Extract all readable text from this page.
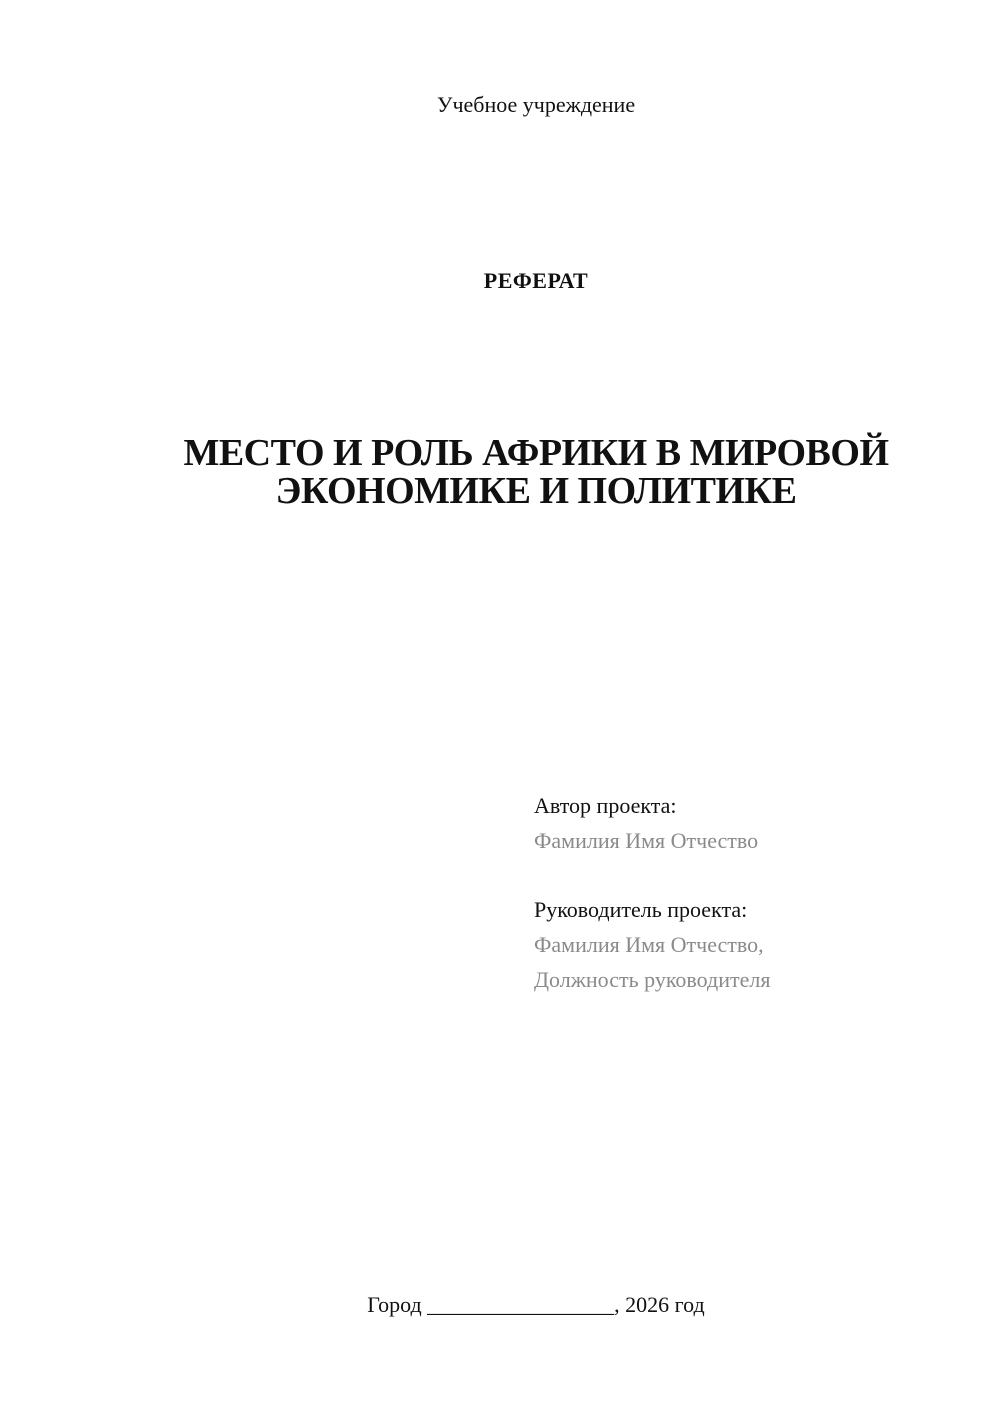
Учебное учреждение
РЕФЕРАТ
МЕСТО И РОЛЬ АФРИКИ В МИРОВОЙ
ЭКОНОМИКЕ И ПОЛИТИКЕ
Автор проекта:
Фамилия Имя Отчество
Руководитель проекта:
Фамилия Имя Отчество,
Должность руководителя
Город _________________, 2026 год
